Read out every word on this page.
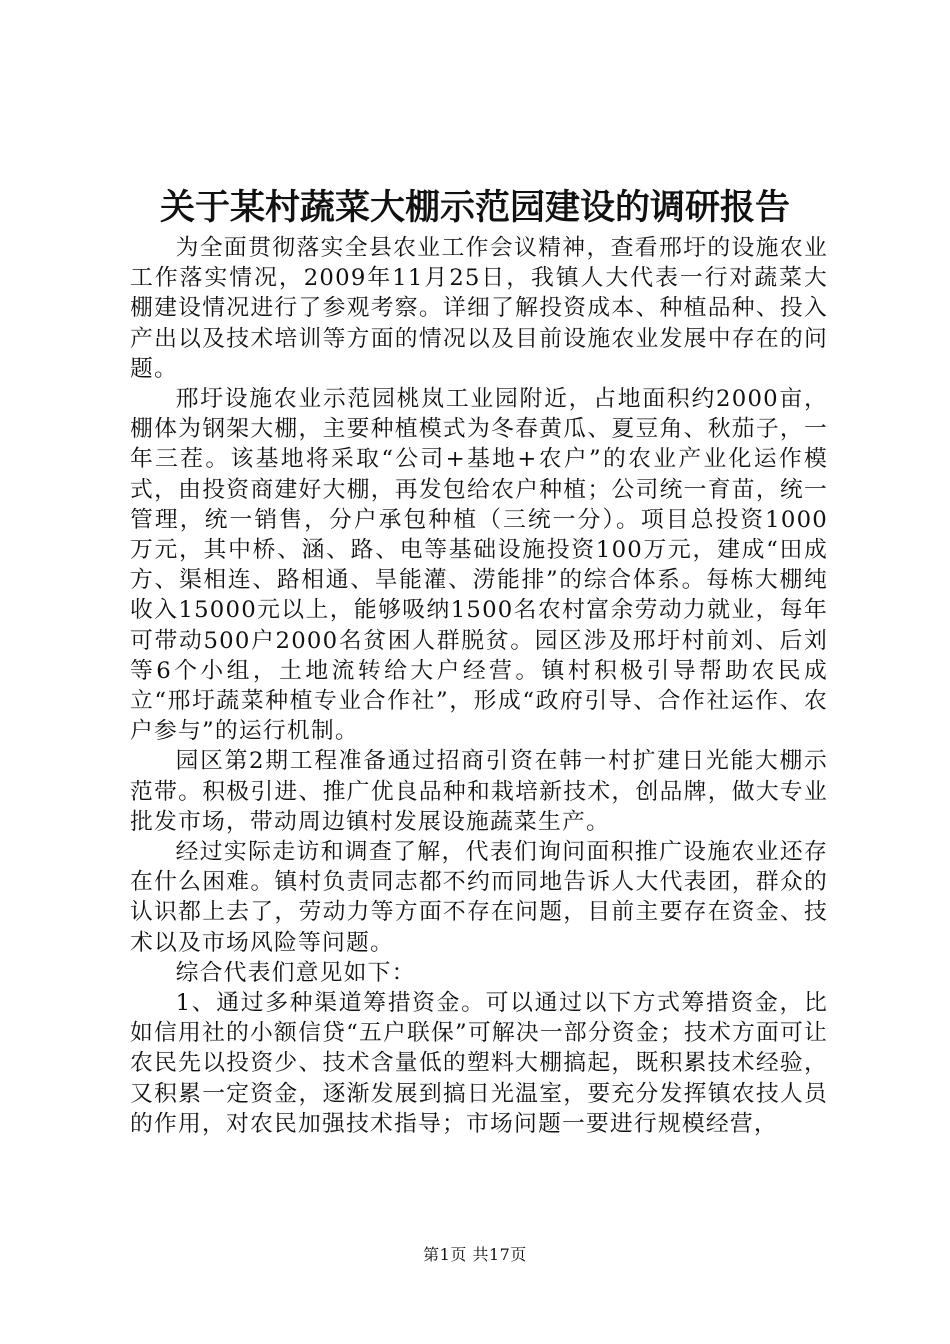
关于某村蔬菜大棚示范园建设的调研报告

为全面贯彻落实全县农业工作会议精神，查看邢圩的设施农业工作落实情况，2009年11月25日，我镇人大代表一行对蔬菜大棚建设情况进行了参观考察。详细了解投资成本、种植品种、投入产出以及技术培训等方面的情况以及目前设施农业发展中存在的问题。

邢圩设施农业示范园桃岚工业园附近，占地面积约2000亩，棚体为钢架大棚，主要种植模式为冬春黄瓜、夏豆角、秋茄子，一年三茬。该基地将采取“公司+基地+农户”的农业产业化运作模式，由投资商建好大棚，再发包给农户种植；公司统一育苗，统一管理，统一销售，分户承包种植（三统一分）。项目总投资1000万元，其中桥、涵、路、电等基础设施投资100万元，建成“田成方、渠相连、路相通、旱能灌、涝能排”的综合体系。每栋大棚纯收入15000元以上，能够吸纳1500名农村富余劳动力就业，每年可带动500户2000名贫困人群脱贫。园区涉及邢圩村前刘、后刘等6个小组，土地流转给大户经营。镇村积极引导帮助农民成立“邢圩蔬菜种植专业合作社”，形成“政府引导、合作社运作、农户参与”的运行机制。

园区第2期工程准备通过招商引资在韩一村扩建日光能大棚示范带。积极引进、推广优良品种和栽培新技术，创品牌，做大专业批发市场，带动周边镇村发展设施蔬菜生产。

经过实际走访和调查了解，代表们询问面积推广设施农业还存在什么困难。镇村负责同志都不约而同地告诉人大代表团，群众的认识都上去了，劳动力等方面不存在问题，目前主要存在资金、技术以及市场风险等问题。

综合代表们意见如下：

1、通过多种渠道筹措资金。可以通过以下方式筹措资金，比如信用社的小额信贷“五户联保”可解决一部分资金；技术方面可让农民先以投资少、技术含量低的塑料大棚搞起，既积累技术经验，又积累一定资金，逐渐发展到搞日光温室，要充分发挥镇农技人员的作用，对农民加强技术指导；市场问题一要进行规模经营，

第1页 共17页
